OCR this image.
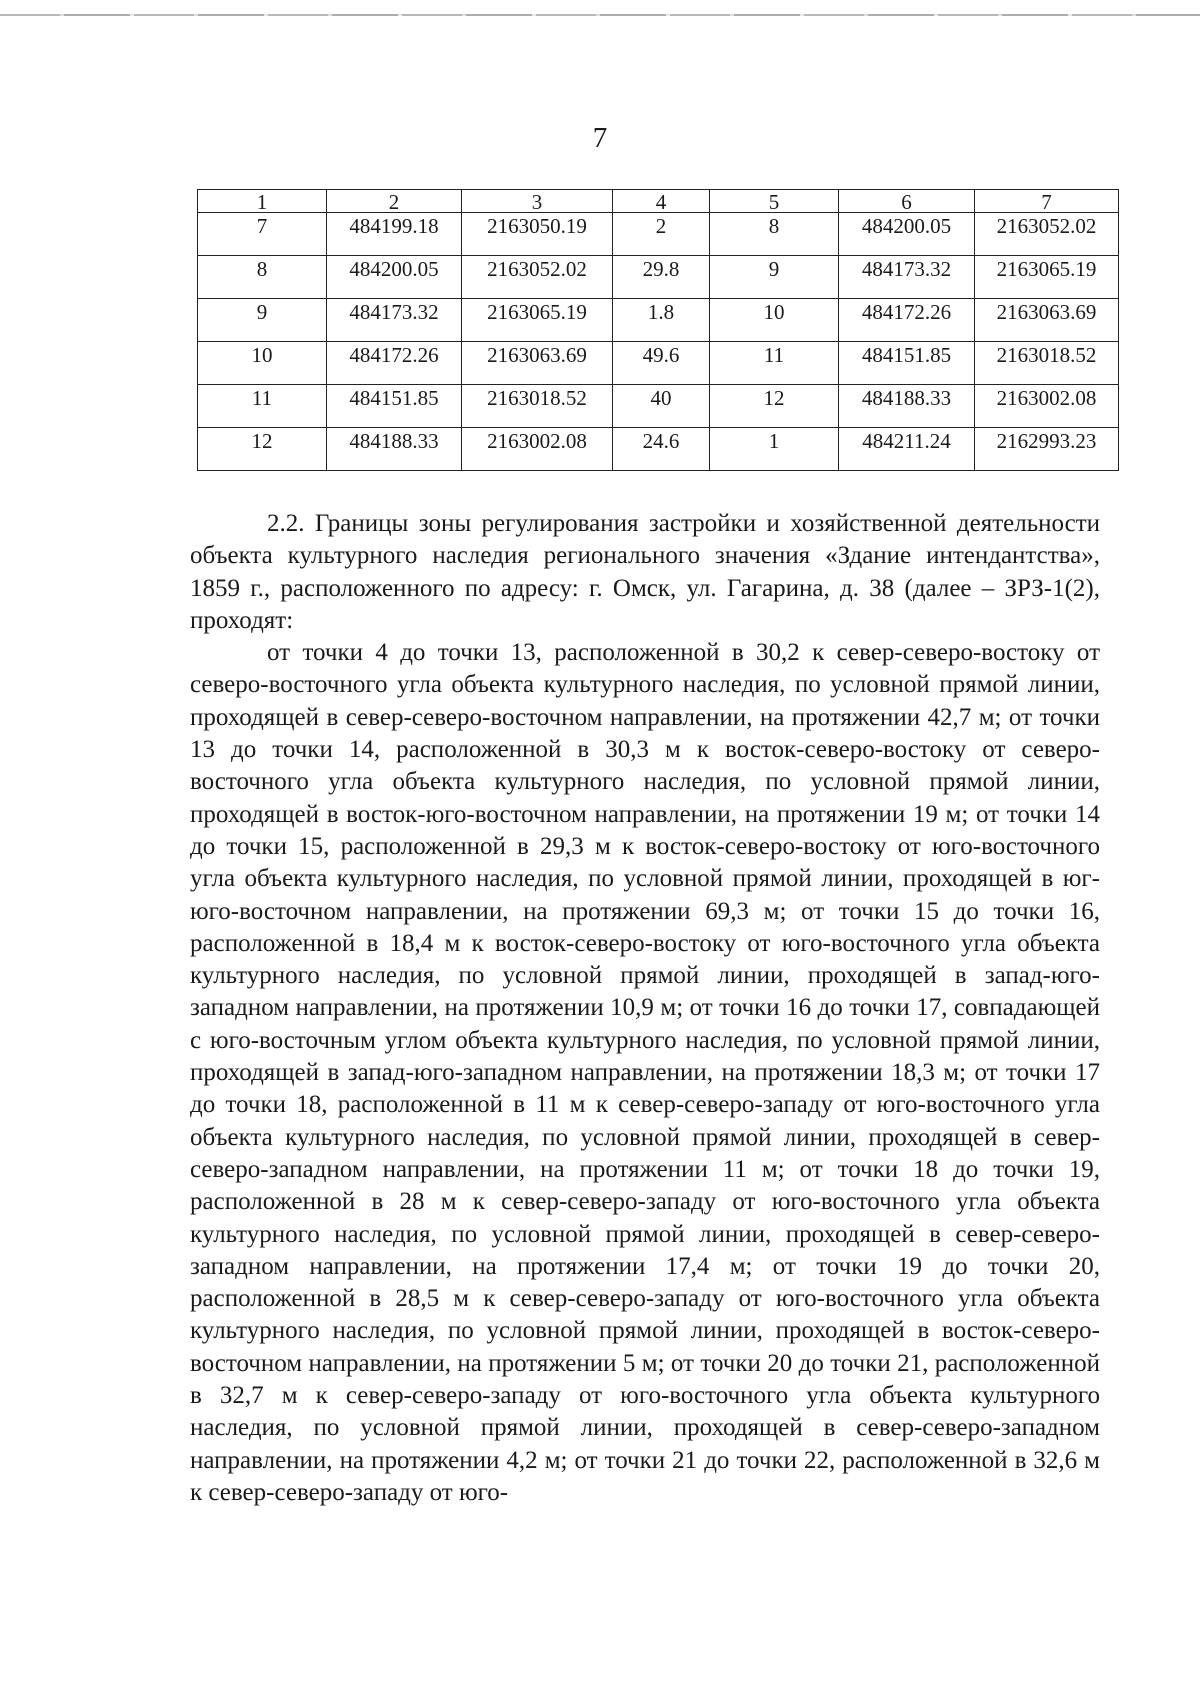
7
1	2	3	4	5	6	7
7	484199.18	2163050.19	2	8	484200.05	2163052.02
8	484200.05	2163052.02	29.8	9	484173.32	2163065.19
9	484173.32	2163065.19	1.8	10	484172.26	2163063.69
10	484172.26	2163063.69	49.6	11	484151.85	2163018.52
11	484151.85	2163018.52	40	12	484188.33	2163002.08
12	484188.33	2163002.08	24.6	1	484211.24	2162993.23

2.2. Границы зоны регулирования застройки и хозяйственной деятельности объекта культурного наследия регионального значения «Здание интендантства», 1859 г., расположенного по адресу: г. Омск, ул. Гагарина, д. 38 (далее – ЗРЗ-1(2), проходят:

от точки 4 до точки 13, расположенной в 30,2 к север-северо-востоку от северо-восточного угла объекта культурного наследия, по условной прямой линии, проходящей в север-северо-восточном направлении, на протяжении 42,7 м; от точки 13 до точки 14, расположенной в 30,3 м к восток-северо-востоку от северо-восточного угла объекта культурного наследия, по условной прямой линии, проходящей в восток-юго-восточном направлении, на протяжении 19 м; от точки 14 до точки 15, расположенной в 29,3 м к восток-северо-востоку от юго-восточного угла объекта культурного наследия, по условной прямой линии, проходящей в юг-юго-восточном направлении, на протяжении 69,3 м; от точки 15 до точки 16, расположенной в 18,4 м к восток-северо-востоку от юго-восточного угла объекта культурного наследия, по условной прямой линии, проходящей в запад-юго-западном направлении, на протяжении 10,9 м; от точки 16 до точки 17, совпадающей с юго-восточным углом объекта культурного наследия, по условной прямой линии, проходящей в запад-юго-западном направлении, на протяжении 18,3 м; от точки 17 до точки 18, расположенной в 11 м к север-северо-западу от юго-восточного угла объекта культурного наследия, по условной прямой линии, проходящей в север-северо-западном направлении, на протяжении 11 м; от точки 18 до точки 19, расположенной в 28 м к север-северо-западу от юго-восточного угла объекта культурного наследия, по условной прямой линии, проходящей в север-северо-западном направлении, на протяжении 17,4 м; от точки 19 до точки 20, расположенной в 28,5 м к север-северо-западу от юго-восточного угла объекта культурного наследия, по условной прямой линии, проходящей в восток-северо-восточном направлении, на протяжении 5 м; от точки 20 до точки 21, расположенной в 32,7 м к север-северо-западу от юго-восточного угла объекта культурного наследия, по условной прямой линии, проходящей в север-северо-западном направлении, на протяжении 4,2 м; от точки 21 до точки 22, расположенной в 32,6 м к север-северо-западу от юго-
